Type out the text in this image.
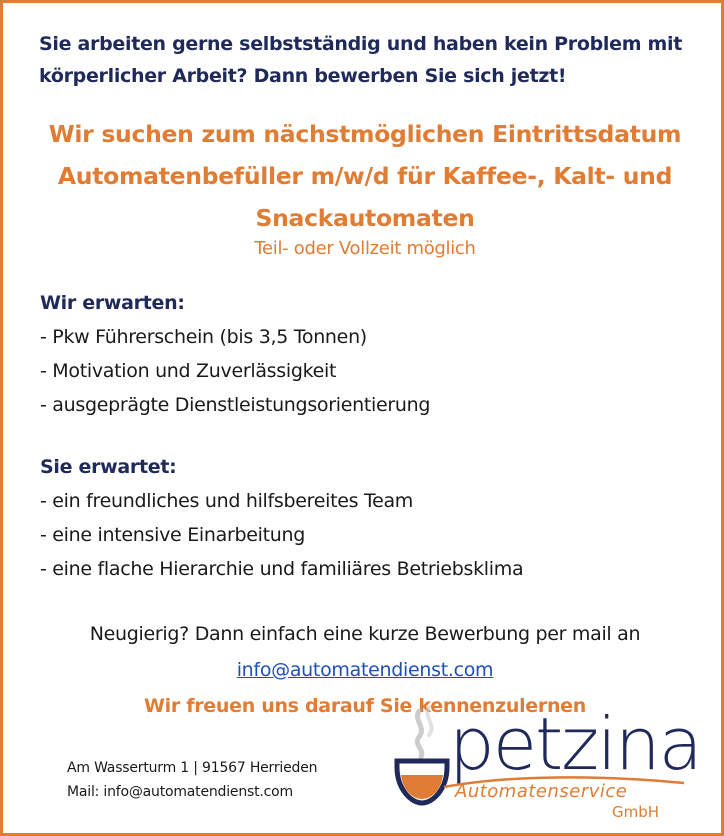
Sie arbeiten gerne selbstständig und haben kein Problem mit
körperlicher Arbeit? Dann bewerben Sie sich jetzt!
Wir suchen zum nächstmöglichen Eintrittsdatum
Automatenbefüller m/w/d für Kaffee-, Kalt- und
Snackautomaten
Teil- oder Vollzeit möglich
Wir erwarten:
- Pkw Führerschein (bis 3,5 Tonnen)
- Motivation und Zuverlässigkeit
- ausgeprägte Dienstleistungsorientierung
Sie erwartet:
- ein freundliches und hilfsbereites Team
- eine intensive Einarbeitung
- eine flache Hierarchie und familiäres Betriebsklima
Neugierig? Dann einfach eine kurze Bewerbung per mail an
info@automatendienst.com
Wir freuen uns darauf Sie kennenzulernen
Am Wasserturm 1 | 91567 Herrieden
Mail: info@automatendienst.com
petzina
Automatenservice
GmbH
